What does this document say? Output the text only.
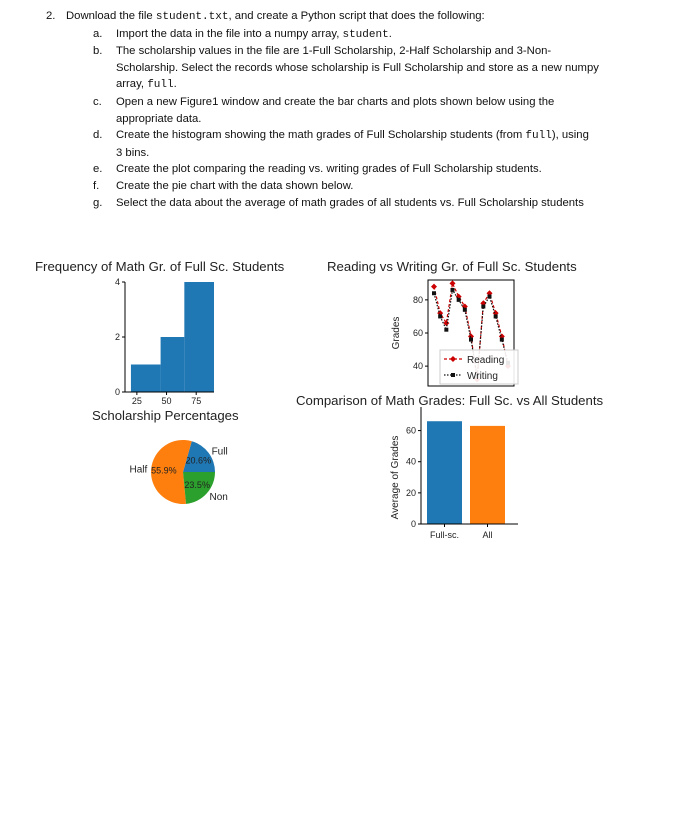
2. Download the file student.txt, and create a Python script that does the following:
a. Import the data in the file into a numpy array, student.
b. The scholarship values in the file are 1-Full Scholarship, 2-Half Scholarship and 3-Non-
Scholarship. Select the records whose scholarship is Full Scholarship and store as a new numpy
array, full.
c. Open a new Figure1 window and create the bar charts and plots shown below using the
appropriate data.
d. Create the histogram showing the math grades of Full Scholarship students (from full), using
3 bins.
e. Create the plot comparing the reading vs. writing grades of Full Scholarship students.
f. Create the pie chart with the data shown below.
g. Select the data about the average of math grades of all students vs. Full Scholarship students
Frequency of Math Gr. of Full Sc. Students	Reading vs Writing Gr. of Full Sc. Students
Scholarship Percentages
Comparison of Math Grades: Full Sc. vs All Students
0
2
4
25 50 75
40
60
80
Grades
Reading
Writing
Full
20.6%
Half 55.9%
Non
23.5%
Full-sc.	All
0
20
40
60
Average of Grades
